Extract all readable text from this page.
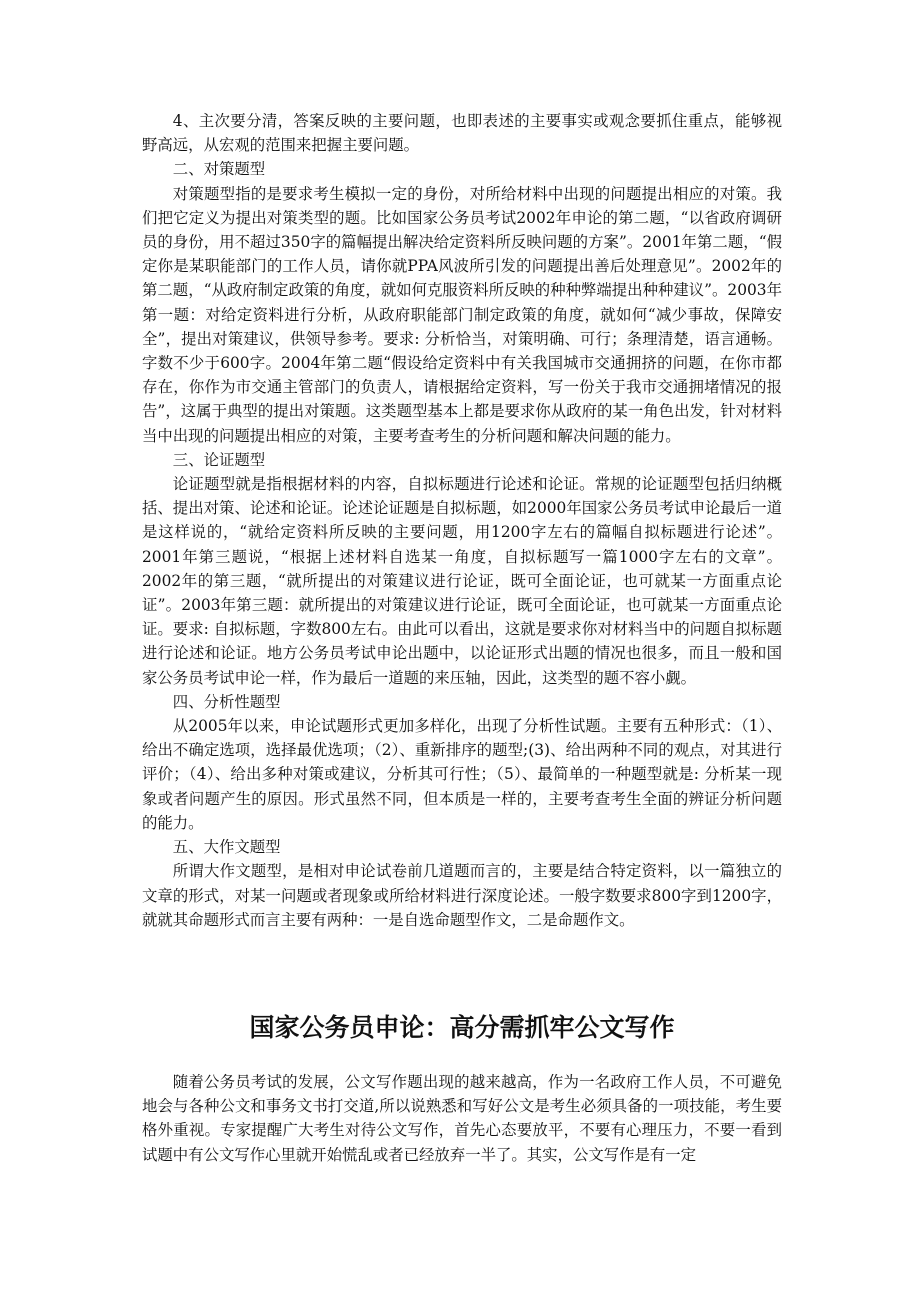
4、主次要分清，答案反映的主要问题，也即表述的主要事实或观念要抓住重点，能够视野高远，从宏观的范围来把握主要问题。

二、对策题型

对策题型指的是要求考生模拟一定的身份，对所给材料中出现的问题提出相应的对策。我们把它定义为提出对策类型的题。比如国家公务员考试2002年申论的第二题，“以省政府调研员的身份，用不超过350字的篇幅提出解决给定资料所反映问题的方案”。2001年第二题，“假定你是某职能部门的工作人员，请你就PPA风波所引发的问题提出善后处理意见”。2002年的第二题，“从政府制定政策的角度，就如何克服资料所反映的种种弊端提出种种建议”。2003年第一题：对给定资料进行分析，从政府职能部门制定政策的角度，就如何“减少事故，保障安全”，提出对策建议，供领导参考。要求: 分析恰当，对策明确、可行；条理清楚，语言通畅。字数不少于600字。2004年第二题“假设给定资料中有关我国城市交通拥挤的问题，在你市都存在，你作为市交通主管部门的负责人，请根据给定资料，写一份关于我市交通拥堵情况的报告”，这属于典型的提出对策题。这类题型基本上都是要求你从政府的某一角色出发，针对材料当中出现的问题提出相应的对策，主要考查考生的分析问题和解决问题的能力。

三、论证题型

论证题型就是指根据材料的内容，自拟标题进行论述和论证。常规的论证题型包括归纳概括、提出对策、论述和论证。论述论证题是自拟标题，如2000年国家公务员考试申论最后一道是这样说的，“就给定资料所反映的主要问题，用1200字左右的篇幅自拟标题进行论述”。2001年第三题说，“根据上述材料自选某一角度，自拟标题写一篇1000字左右的文章”。2002年的第三题，“就所提出的对策建议进行论证，既可全面论证，也可就某一方面重点论证”。2003年第三题：就所提出的对策建议进行论证，既可全面论证，也可就某一方面重点论证。要求: 自拟标题，字数800左右。由此可以看出，这就是要求你对材料当中的问题自拟标题进行论述和论证。地方公务员考试申论出题中，以论证形式出题的情况也很多，而且一般和国家公务员考试申论一样，作为最后一道题的来压轴，因此，这类型的题不容小觑。

四、分析性题型

从2005年以来，申论试题形式更加多样化，出现了分析性试题。主要有五种形式：（1）、给出不确定选项，选择最优选项；（2）、重新排序的题型;(3)、给出两种不同的观点，对其进行评价；（4）、给出多种对策或建议，分析其可行性；（5）、最简单的一种题型就是: 分析某一现象或者问题产生的原因。形式虽然不同，但本质是一样的，主要考查考生全面的辨证分析问题的能力。

五、大作文题型

所谓大作文题型，是相对申论试卷前几道题而言的，主要是结合特定资料，以一篇独立的文章的形式，对某一问题或者现象或所给材料进行深度论述。一般字数要求800字到1200字，就就其命题形式而言主要有两种：一是自选命题型作文，二是命题作文。

国家公务员申论：高分需抓牢公文写作

随着公务员考试的发展，公文写作题出现的越来越高，作为一名政府工作人员，不可避免地会与各种公文和事务文书打交道,所以说熟悉和写好公文是考生必须具备的一项技能，考生要格外重视。专家提醒广大考生对待公文写作，首先心态要放平，不要有心理压力，不要一看到试题中有公文写作心里就开始慌乱或者已经放弃一半了。其实，公文写作是有一定
